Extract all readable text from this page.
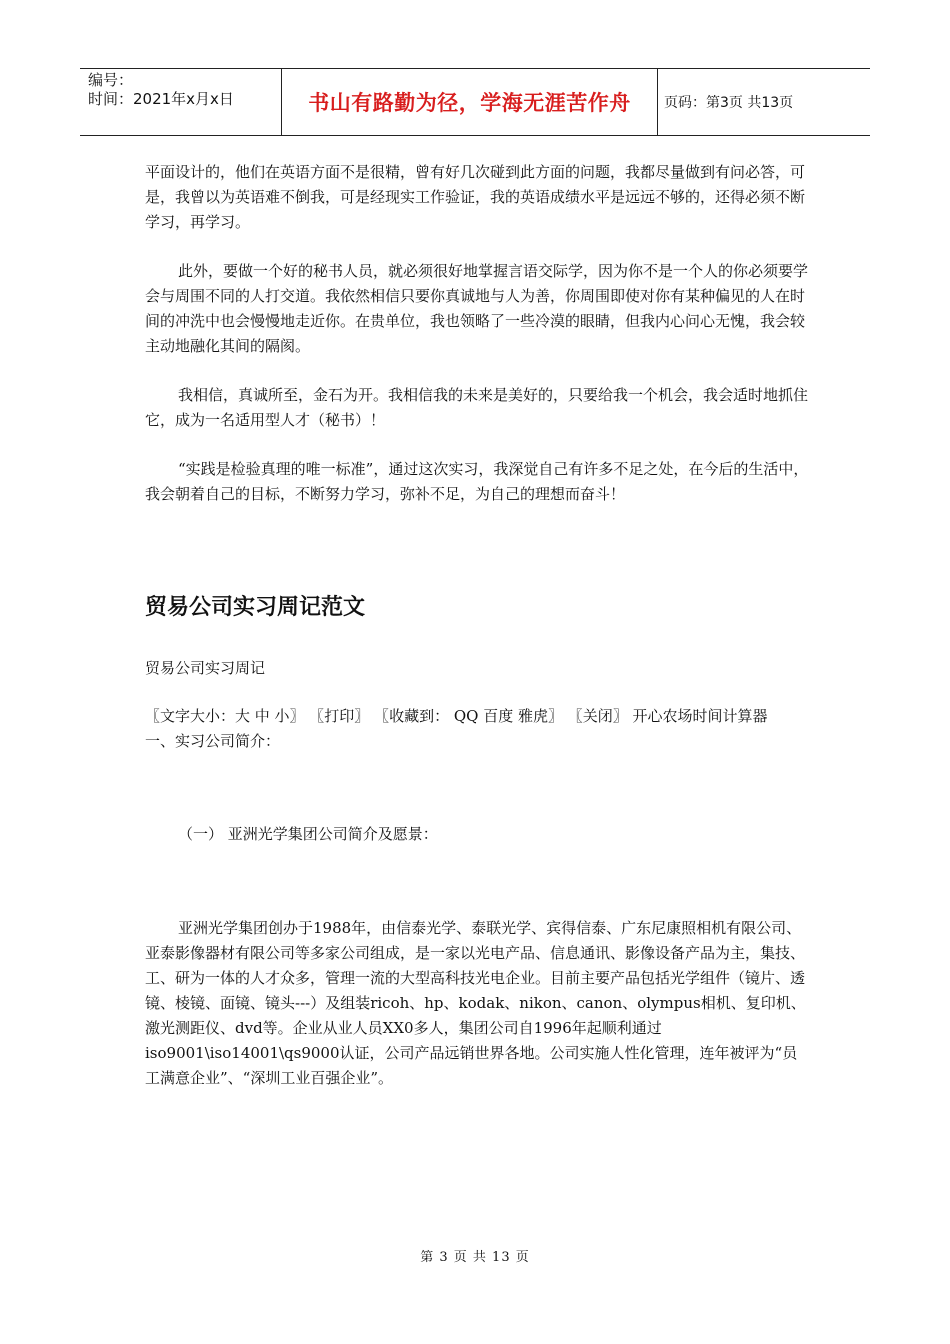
编号：
时间：2021年x月x日	书山有路勤为径，学海无涯苦作舟	页码：第3页 共13页

平面设计的，他们在英语方面不是很精，曾有好几次碰到此方面的问题，我都尽量做到有问必答，可是，我曾以为英语难不倒我，可是经现实工作验证，我的英语成绩水平是远远不够的，还得必须不断学习，再学习。

此外，要做一个好的秘书人员，就必须很好地掌握言语交际学，因为你不是一个人的你必须要学会与周围不同的人打交道。我依然相信只要你真诚地与人为善，你周围即使对你有某种偏见的人在时间的冲洗中也会慢慢地走近你。在贵单位，我也领略了一些冷漠的眼睛，但我内心问心无愧，我会较主动地融化其间的隔阂。

我相信，真诚所至，金石为开。我相信我的未来是美好的，只要给我一个机会，我会适时地抓住它，成为一名适用型人才（秘书）！

“实践是检验真理的唯一标准”，通过这次实习，我深觉自己有许多不足之处，在今后的生活中，我会朝着自己的目标，不断努力学习，弥补不足，为自己的理想而奋斗！

贸易公司实习周记范文

贸易公司实习周记

〖文字大小：大 中 小〗 〖打印〗 〖收藏到： QQ 百度 雅虎〗 〖关闭〗 开心农场时间计算器　　一、实习公司简介：

（一） 亚洲光学集团公司简介及愿景：

亚洲光学集团创办于1988年，由信泰光学、泰联光学、宾得信泰、广东尼康照相机有限公司、亚泰影像器材有限公司等多家公司组成，是一家以光电产品、信息通讯、影像设备产品为主，集技、工、研为一体的人才众多，管理一流的大型高科技光电企业。目前主要产品包括光学组件（镜片、透镜、棱镜、面镜、镜头---）及组装ricoh、hp、kodak、nikon、canon、olympus相机、复印机、激光测距仪、dvd等。企业从业人员XX0多人，集团公司自1996年起顺利通过iso9001\iso14001\qs9000认证，公司产品远销世界各地。公司实施人性化管理，连年被评为“员工满意企业”、“深圳工业百强企业”。

第 3 页 共 13 页
